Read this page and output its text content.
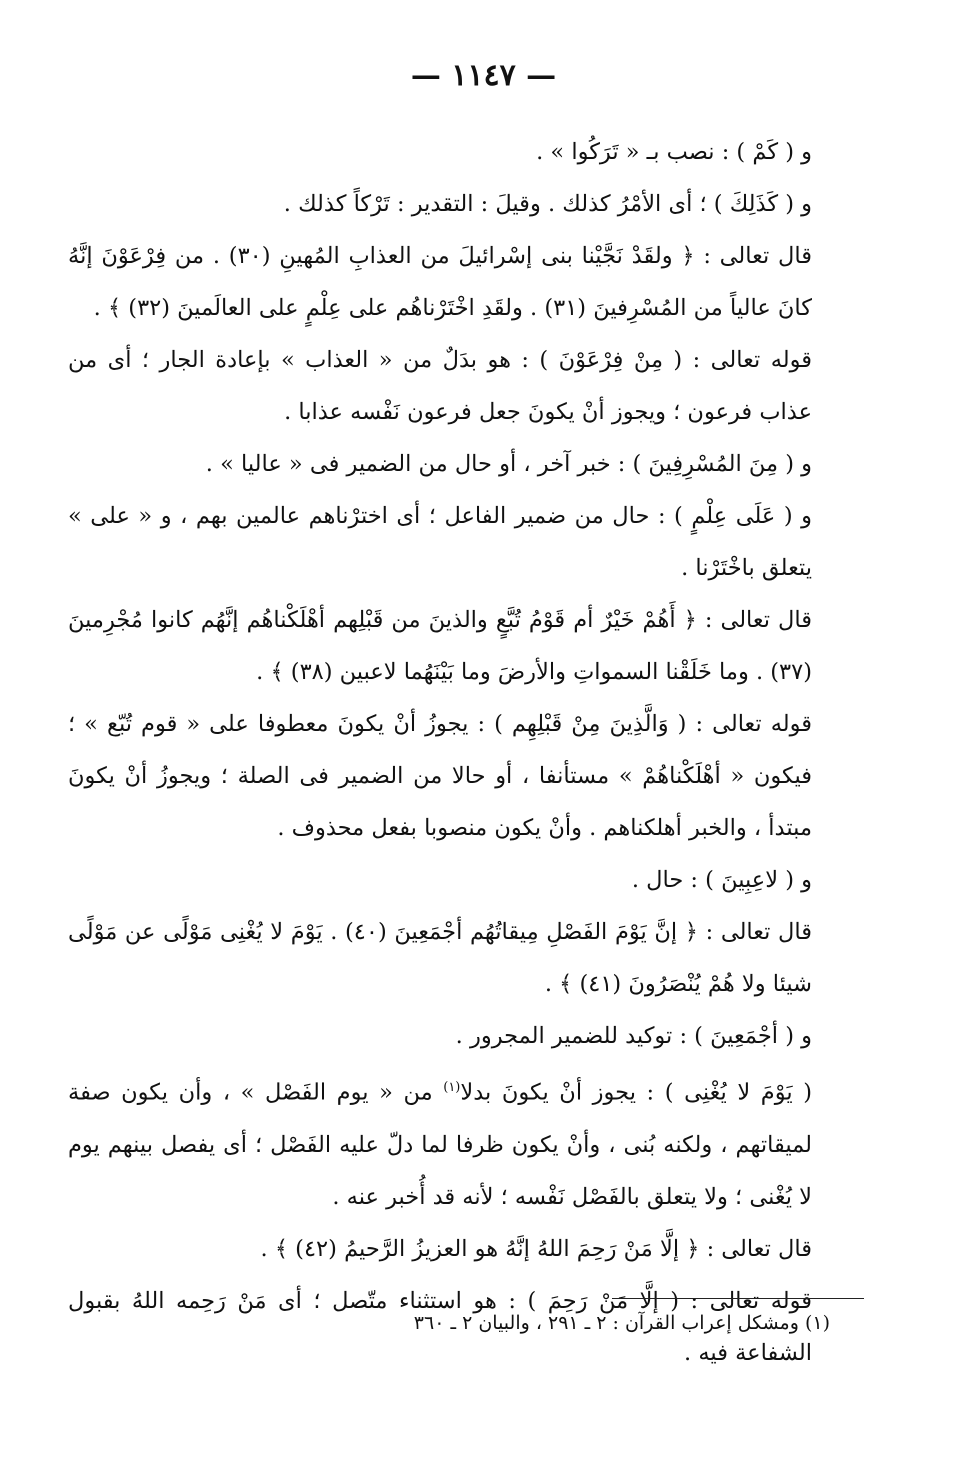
— ١١٤٧ —

و ( كَمْ ) : نصب بـ « تَرَكُوا » .

و ( كَذَلِكَ ) ؛ أى الأمْرُ كذلك . وقيلَ : التقدير : تَرْكاً كذلك .

قال تعالى : ﴿ ولقَدْ نَجَّيْنا بنى إسْرائيلَ من العذابِ المُهينِ (٣٠) . من فِرْعَوْنَ إنَّهُ كانَ عالياً من المُسْرِفينَ (٣١) . ولقَدِ اخْتَرْناهُم على عِلْمٍ على العالَمينَ (٣٢) ﴾ .

قوله تعالى : ( مِنْ فِرْعَوْنَ ) : هو بدَلٌ من « العذاب » بإعادة الجار ؛ أى من عذاب فرعون ؛ ويجوز أنْ يكونَ جعل فرعون نَفْسه عذابا .

و ( مِنَ المُسْرِفِينَ ) : خبر آخر ، أو حال من الضمير فى « عاليا » .

و ( عَلَى عِلْمٍ ) : حال من ضمير الفاعل ؛ أى اخترْناهم عالمين بهم ، و « على » يتعلق باخْتَرْنا .

قال تعالى : ﴿ أَهُمْ خَيْرٌ أم قَوْمُ تُبَّعٍ والذينَ من قَبْلِهم أهْلَكْناهُم إنَّهُم كانوا مُجْرِمينَ (٣٧) . وما خَلَقْنا السمواتِ والأرضَ وما بَيْنَهُما لاعبين (٣٨) ﴾ .

قوله تعالى : ( وَالَّذِينَ مِنْ قَبْلِهِم ) : يجوزُ أنْ يكونَ معطوفا على « قوم تُبّع » ؛ فيكون « أهْلَكْناهُمْ » مستأنفا ، أو حالا من الضمير فى الصلة ؛ ويجوزُ أنْ يكونَ مبتدأ ، والخبر أهلكناهم . وأنْ يكون منصوبا بفعل محذوف .

و ( لاعِبِينَ ) : حال .

قال تعالى : ﴿ إنَّ يَوْمَ الفَصْلِ مِيقاتُهُم أجْمَعِينَ (٤٠) . يَوْمَ لا يُغْنِى مَوْلًى عن مَوْلًى شيئا ولا هُمْ يُنْصَرُونَ (٤١) ﴾ .

و ( أجْمَعِينَ ) : توكيد للضمير المجرور .

( يَوْمَ لا يُغْنِى ) : يجوز أنْ يكونَ بدلا$^{(١)}$ من « يوم الفَصْل » ، وأن يكون صفة لميقاتهم ، ولكنه بُنى ، وأنْ يكون ظرفا لما دلّ عليه الفَصْل ؛ أى يفصل بينهم يوم لا يُغْنى ؛ ولا يتعلق بالفَصْل نَفْسه ؛ لأنه قد أُخبر عنه .

قال تعالى : ﴿ إلَّا مَنْ رَحِمَ اللهُ إنَّهُ هو العزيزُ الرَّحيمُ (٤٢) ﴾ .

قوله تعالى : ( إلَّا مَنْ رَحِمَ ) : هو استثناء متّصل ؛ أى مَنْ رَحِمه اللهُ بقبول الشفاعة فيه .

(١) ومشكل إعراب القرآن : ٢ ـ ٢٩١ ، والبيان ٢ ـ ٣٦٠
